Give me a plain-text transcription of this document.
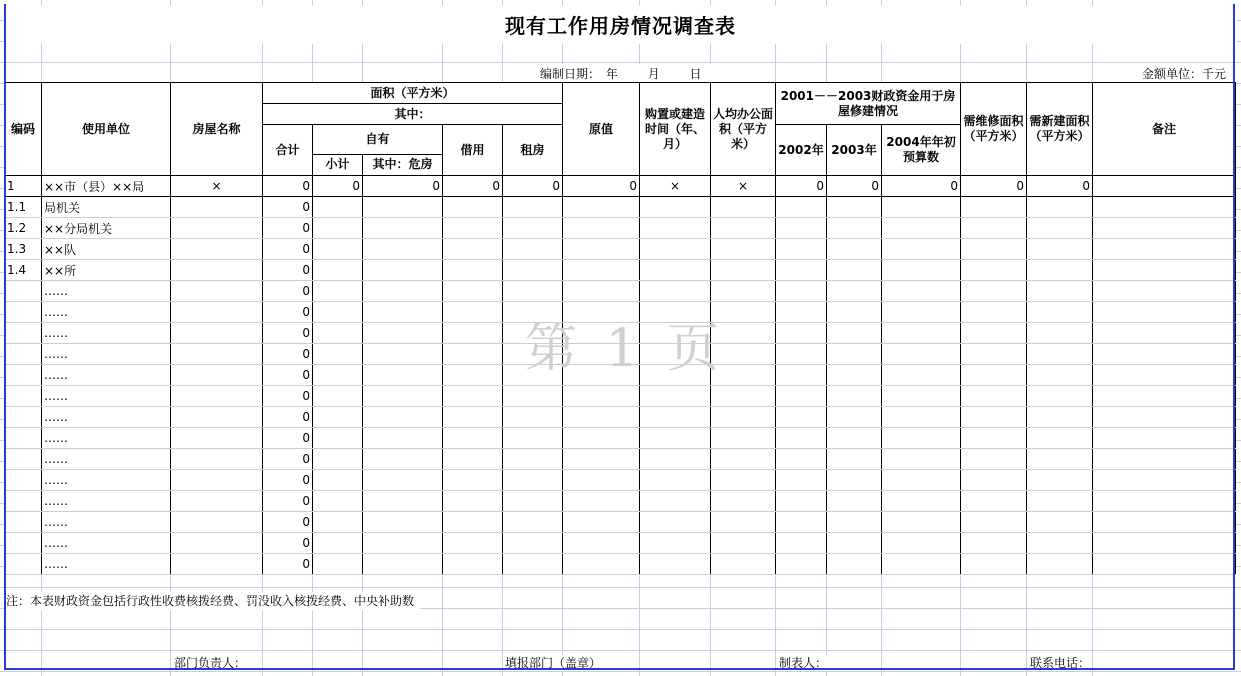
现有工作用房情况调查表
编制日期： 年 月 日	金额单位：千元
编码	使用单位	房屋名称	面积（平方米）					原值	购置或建造时间（年、月）	人均办公面积（平方米）	2001－－2003财政资金用于房屋修建情况			需维修面积（平方米）	需新建面积（平方米）	备注
			其中：													
			合计	自有		借用	租房				2002年	2003年	2004年年初预算数			
				小计	其中：危房											
1	××市（县）××局	×	0	0	0	0	0	0	×	×	0	0	0	0	0	
1.1	局机关		0													
1.2	××分局机关		0													
1.3	××队		0													
1.4	××所		0													
	……		0													
	……		0													
	……		0													
	……		0													
	……		0													
	……		0													
	……		0													
	……		0													
	……		0													
	……		0													
	……		0													
	……		0													
	……		0													
	……		0													
注：本表财政资金包括行政性收费核拨经费、罚没收入核拨经费、中央补助数
部门负责人：	填报部门（盖章）	制表人：	联系电话：
第 1 页
